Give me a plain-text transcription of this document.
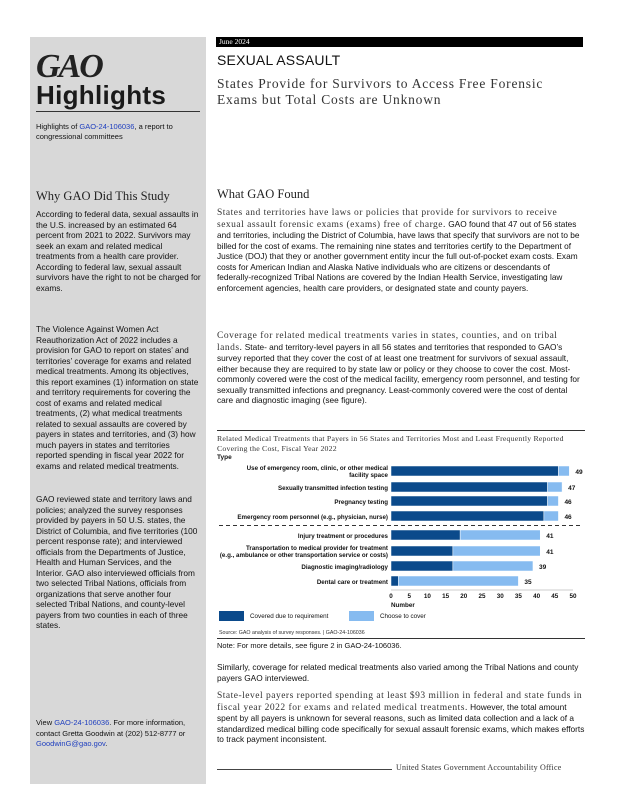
GAO
Highlights
Highlights of GAO-24-106036, a report to congressional committees
Why GAO Did This Study
According to federal data, sexual assaults in the U.S. increased by an estimated 64 percent from 2021 to 2022. Survivors may seek an exam and related medical treatments from a health care provider. According to federal law, sexual assault survivors have the right to not be charged for exams.
The Violence Against Women Act Reauthorization Act of 2022 includes a provision for GAO to report on states’ and territories’ coverage for exams and related medical treatments. Among its objectives, this report examines (1) information on state and territory requirements for covering the cost of exams and related medical treatments, (2) what medical treatments related to sexual assaults are covered by payers in states and territories, and (3) how much payers in states and territories reported spending in fiscal year 2022 for exams and related medical treatments.
GAO reviewed state and territory laws and policies; analyzed the survey responses provided by payers in 50 U.S. states, the District of Columbia, and five territories (100 percent response rate); and interviewed officials from the Departments of Justice, Health and Human Services, and the Interior. GAO also interviewed officials from two selected Tribal Nations, officials from organizations that serve another four selected Tribal Nations, and county-level payers from two counties in each of three states.
View GAO-24-106036. For more information, contact Gretta Goodwin at (202) 512-8777 or GoodwinG@gao.gov.
June 2024
SEXUAL ASSAULT
States Provide for Survivors to Access Free Forensic Exams but Total Costs are Unknown
What GAO Found
States and territories have laws or policies that provide for survivors to receive sexual assault forensic exams (exams) free of charge. GAO found that 47 out of 56 states and territories, including the District of Columbia, have laws that specify that survivors are not to be billed for the cost of exams. The remaining nine states and territories certify to the Department of Justice (DOJ) that they or another government entity incur the full out-of-pocket exam costs. Exam costs for American Indian and Alaska Native individuals who are citizens or descendants of federally-recognized Tribal Nations are covered by the Indian Health Service, investigating law enforcement agencies, health care providers, or designated state and county payers.
Coverage for related medical treatments varies in states, counties, and on tribal lands. State- and territory-level payers in all 56 states and territories that responded to GAO’s survey reported that they cover the cost of at least one treatment for survivors of sexual assault, either because they are required to by state law or policy or they choose to cover the cost. Most-commonly covered were the cost of the medical facility, emergency room personnel, and testing for sexually transmitted infections and pregnancy. Least-commonly covered were the cost of dental care and diagnostic imaging (see figure).
Use of emergency room, clinic, or other medical
facility space	49
Sexually transmitted infection testing	47
Pregnancy testing	46
Emergency room personnel (e.g., physician, nurse)	46
Injury treatment or procedures	41
Transportation to medical provider for treatment
(e.g., ambulance or other transportation service or costs)	41
Diagnostic imaging/radiology	39
Dental care or treatment	35
0 5 10 15 20 25 30 35 40 45 50
Number
Covered due to requirement	Choose to cover
Source: GAO analysis of survey responses. | GAO-24-106036
Related Medical Treatments that Payers in 56 States and Territories Most and Least Frequently Reported Covering the Cost, Fiscal Year 2022
Type
Note: For more details, see figure 2 in GAO-24-106036.
Similarly, coverage for related medical treatments also varied among the Tribal Nations and county payers GAO interviewed.
State-level payers reported spending at least $93 million in federal and state funds in fiscal year 2022 for exams and related medical treatments. However, the total amount spent by all payers is unknown for several reasons, such as limited data collection and a lack of a standardized medical billing code specifically for sexual assault forensic exams, which makes efforts to track payment inconsistent.
United States Government Accountability Office
